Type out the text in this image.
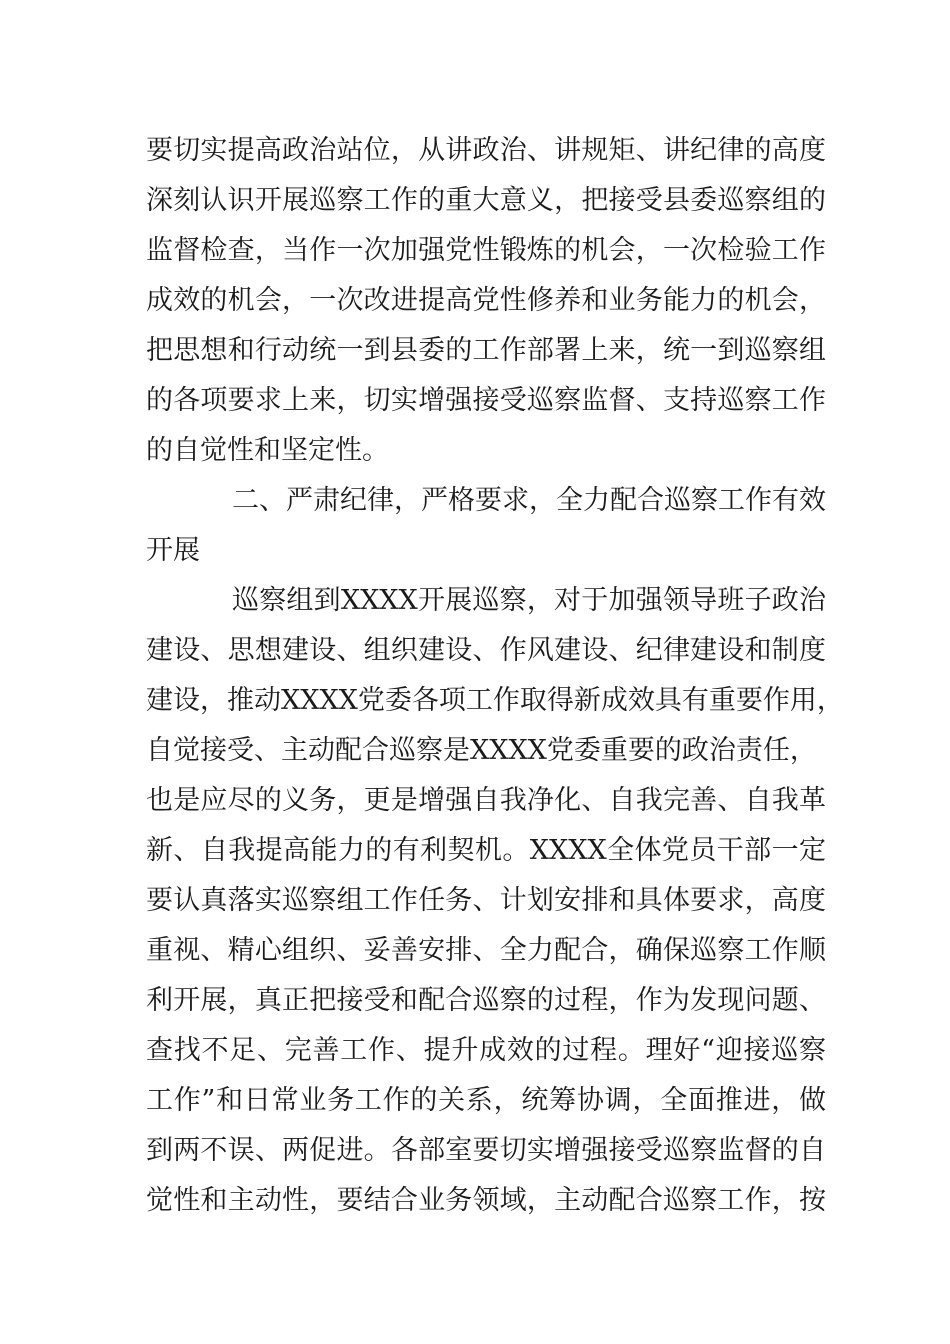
要切实提高政治站位，从讲政治、讲规矩、讲纪律的高度
深刻认识开展巡察工作的重大意义，把接受县委巡察组的
监督检查，当作一次加强党性锻炼的机会，一次检验工作
成效的机会，一次改进提高党性修养和业务能力的机会，
把思想和行动统一到县委的工作部署上来，统一到巡察组
的各项要求上来，切实增强接受巡察监督、支持巡察工作
的自觉性和坚定性。
二、严肃纪律，严格要求，全力配合巡察工作有效
开展
巡察组到XXXX开展巡察，对于加强领导班子政治
建设、思想建设、组织建设、作风建设、纪律建设和制度
建设，推动XXXX党委各项工作取得新成效具有重要作用，
自觉接受、主动配合巡察是XXXX党委重要的政治责任，
也是应尽的义务，更是增强自我净化、自我完善、自我革
新、自我提高能力的有利契机。XXXX全体党员干部一定
要认真落实巡察组工作任务、计划安排和具体要求，高度
重视、精心组织、妥善安排、全力配合，确保巡察工作顺
利开展，真正把接受和配合巡察的过程，作为发现问题、
查找不足、完善工作、提升成效的过程。理好“迎接巡察
工作”和日常业务工作的关系，统筹协调，全面推进，做
到两不误、两促进。各部室要切实增强接受巡察监督的自
觉性和主动性，要结合业务领域，主动配合巡察工作，按
